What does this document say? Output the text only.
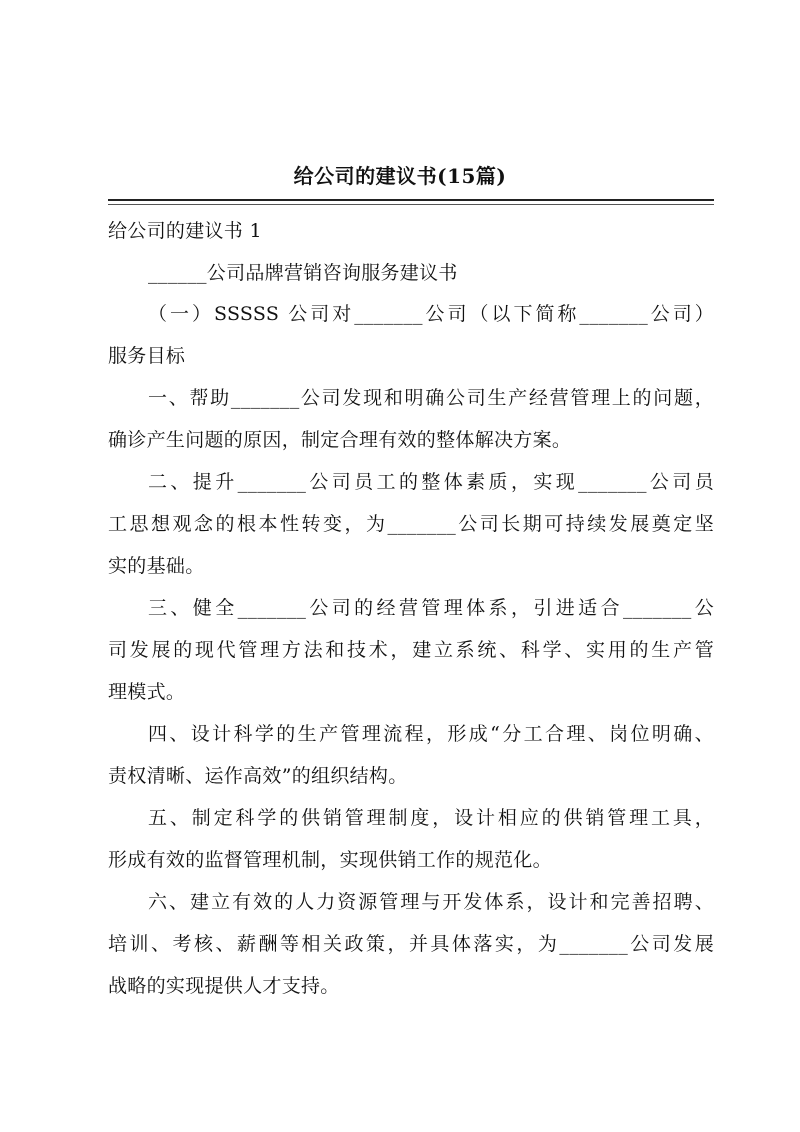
给公司的建议书(15篇)
给公司的建议书 1
______公司品牌营销咨询服务建议书
（一）SSSSS 公司对_______公司（以下简称_______公司）
服务目标
一、帮助_______公司发现和明确公司生产经营管理上的问题，
确诊产生问题的原因，制定合理有效的整体解决方案。
二、提升_______公司员工的整体素质，实现_______公司员
工思想观念的根本性转变，为_______公司长期可持续发展奠定坚
实的基础。
三、健全_______公司的经营管理体系，引进适合_______公
司发展的现代管理方法和技术，建立系统、科学、实用的生产管
理模式。
四、设计科学的生产管理流程，形成“分工合理、岗位明确、
责权清晰、运作高效”的组织结构。
五、制定科学的供销管理制度，设计相应的供销管理工具，
形成有效的监督管理机制，实现供销工作的规范化。
六、建立有效的人力资源管理与开发体系，设计和完善招聘、
培训、考核、薪酬等相关政策，并具体落实，为_______公司发展
战略的实现提供人才支持。
